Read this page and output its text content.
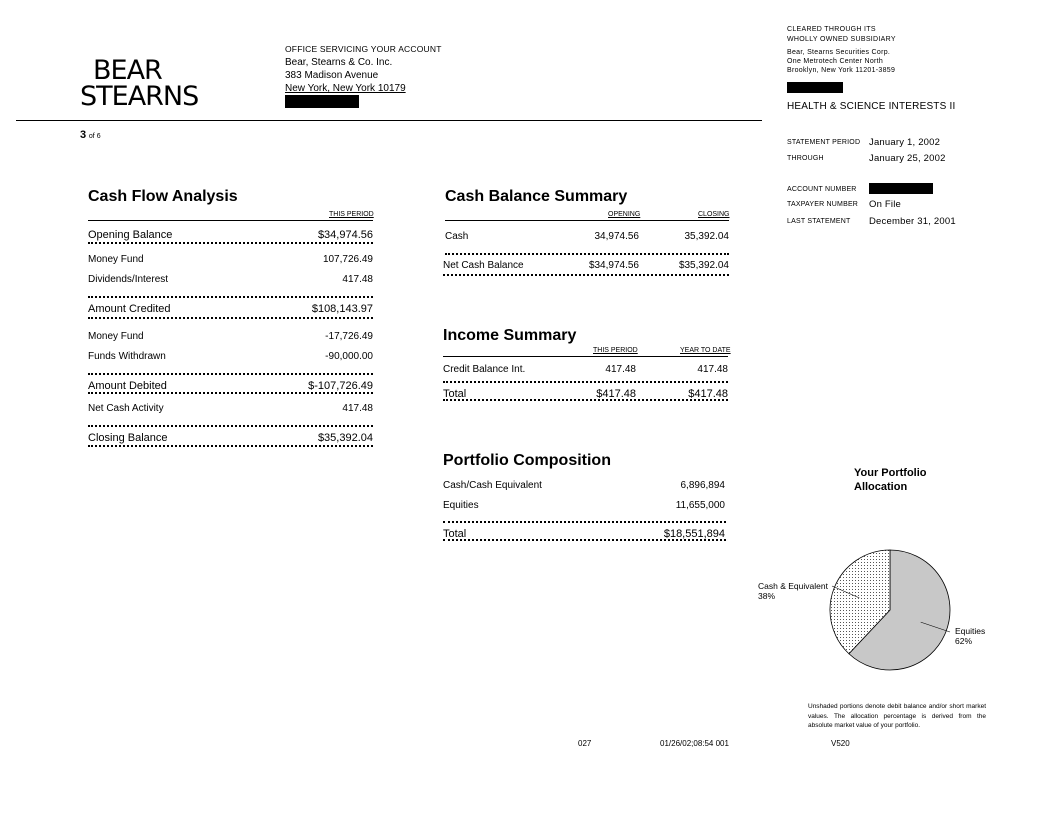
BEAR
STEARNS
OFFICE SERVICING YOUR ACCOUNT
Bear, Stearns & Co. Inc.
383 Madison Avenue
New York, New York 10179
3 of 6
CLEARED THROUGH ITS
WHOLLY OWNED SUBSIDIARY
Bear, Stearns Securities Corp.
One Metrotech Center North
Brooklyn, New York 11201-3859
HEALTH & SCIENCE INTERESTS II
STATEMENT PERIOD January 1, 2002
THROUGH	January 25, 2002
ACCOUNT NUMBER
TAXPAYER NUMBER On File
LAST STATEMENT December 31, 2001
Cash Flow Analysis
THIS PERIOD
Opening Balance	$34,974.56
Money Fund	107,726.49
Dividends/Interest	417.48
Amount Credited	$108,143.97
Money Fund	-17,726.49
Funds Withdrawn	-90,000.00
Amount Debited	$-107,726.49
Net Cash Activity	417.48
Closing Balance	$35,392.04
Cash Balance Summary
OPENING	CLOSING
Cash	34,974.56	35,392.04
Net Cash Balance	$34,974.56	$35,392.04
Income Summary
THIS PERIOD	YEAR TO DATE
Credit Balance Int.	417.48	417.48
Total	$417.48	$417.48
Portfolio Composition
Cash/Cash Equivalent	6,896,894
Equities	11,655,000
Total	$18,551,894
Your Portfolio
Allocation
Cash & Equivalent
38%
Equities
62%
Unshaded portions denote debit balance and/or short market values. The allocation percentage is derived from the absolute market value of your portfolio.
027	01/26/02;08:54 001	V520
